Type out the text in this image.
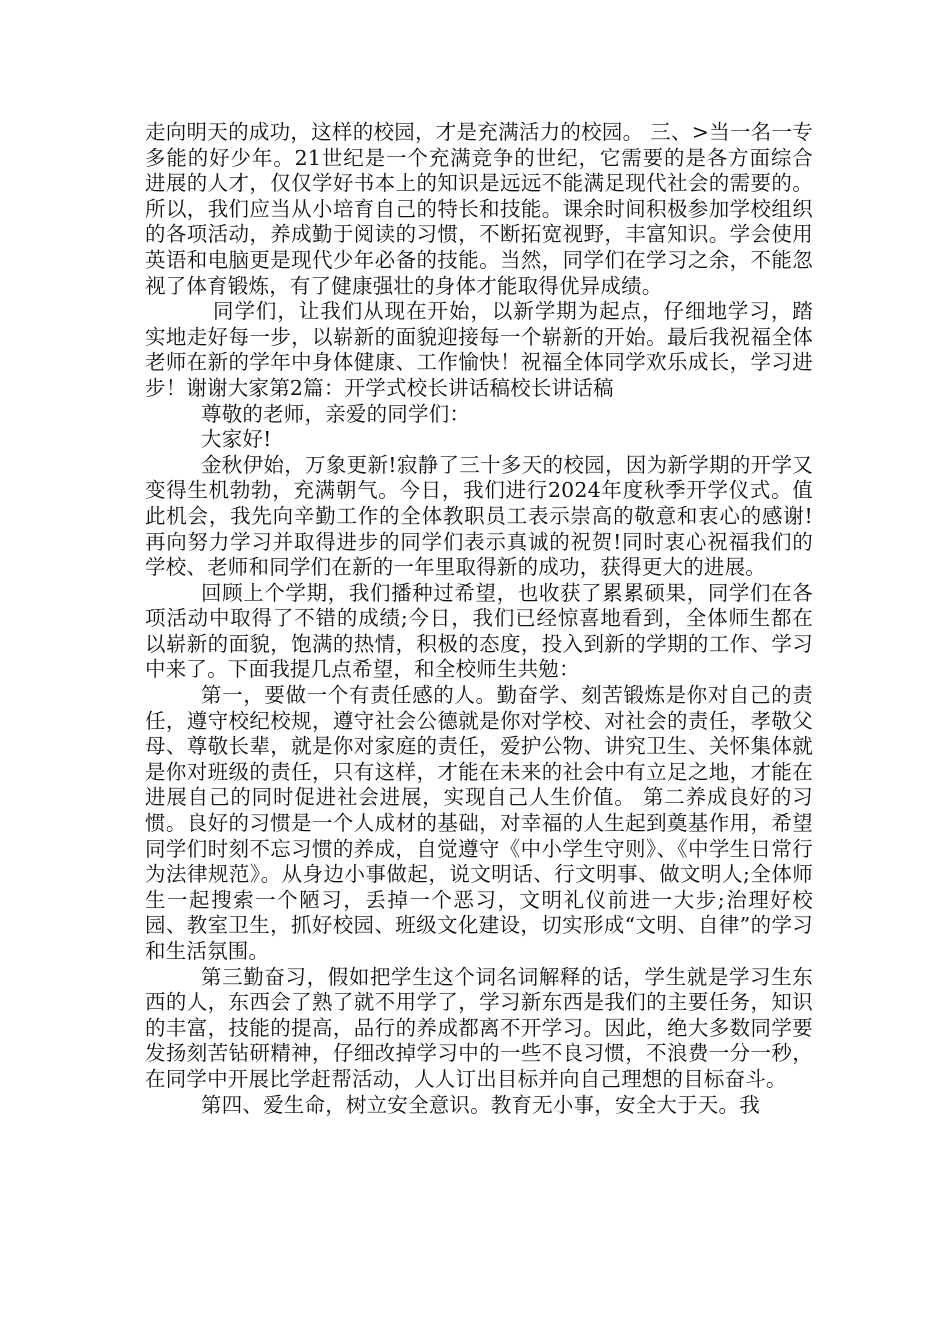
走向明天的成功，这样的校园，才是充满活力的校园。 三、>当一名一专多能的好少年。21世纪是一个充满竞争的世纪，它需要的是各方面综合进展的人才，仅仅学好书本上的知识是远远不能满足现代社会的需要的。所以，我们应当从小培育自己的特长和技能。课余时间积极参加学校组织的各项活动，养成勤于阅读的习惯，不断拓宽视野，丰富知识。学会使用英语和电脑更是现代少年必备的技能。当然，同学们在学习之余，不能忽视了体育锻炼，有了健康强壮的身体才能取得优异成绩。

同学们，让我们从现在开始，以新学期为起点，仔细地学习，踏实地走好每一步，以崭新的面貌迎接每一个崭新的开始。最后我祝福全体老师在新的学年中身体健康、工作愉快！祝福全体同学欢乐成长，学习进步！谢谢大家第2篇：开学式校长讲话稿校长讲话稿

尊敬的老师，亲爱的同学们：

大家好!

金秋伊始，万象更新!寂静了三十多天的校园，因为新学期的开学又变得生机勃勃，充满朝气。今日，我们进行2024年度秋季开学仪式。值此机会，我先向辛勤工作的全体教职员工表示崇高的敬意和衷心的感谢!再向努力学习并取得进步的同学们表示真诚的祝贺!同时衷心祝福我们的学校、老师和同学们在新的一年里取得新的成功，获得更大的进展。

回顾上个学期，我们播种过希望，也收获了累累硕果，同学们在各项活动中取得了不错的成绩;今日，我们已经惊喜地看到，全体师生都在以崭新的面貌，饱满的热情，积极的态度，投入到新的学期的工作、学习中来了。下面我提几点希望，和全校师生共勉：

第一，要做一个有责任感的人。勤奋学、刻苦锻炼是你对自己的责任，遵守校纪校规，遵守社会公德就是你对学校、对社会的责任，孝敬父母、尊敬长辈，就是你对家庭的责任，爱护公物、讲究卫生、关怀集体就是你对班级的责任，只有这样，才能在未来的社会中有立足之地，才能在进展自己的同时促进社会进展，实现自己人生价值。 第二养成良好的习惯。良好的习惯是一个人成材的基础，对幸福的人生起到奠基作用，希望同学们时刻不忘习惯的养成，自觉遵守《中小学生守则》、《中学生日常行为法律规范》。从身边小事做起，说文明话、行文明事、做文明人;全体师生一起搜索一个陋习，丢掉一个恶习，文明礼仪前进一大步;治理好校园、教室卫生，抓好校园、班级文化建设，切实形成“文明、自律”的学习和生活氛围。

第三勤奋习，假如把学生这个词名词解释的话，学生就是学习生东西的人，东西会了熟了就不用学了，学习新东西是我们的主要任务，知识的丰富，技能的提高，品行的养成都离不开学习。因此，绝大多数同学要发扬刻苦钻研精神，仔细改掉学习中的一些不良习惯，不浪费一分一秒，在同学中开展比学赶帮活动，人人订出目标并向自己理想的目标奋斗。

第四、爱生命，树立安全意识。教育无小事，安全大于天。我
